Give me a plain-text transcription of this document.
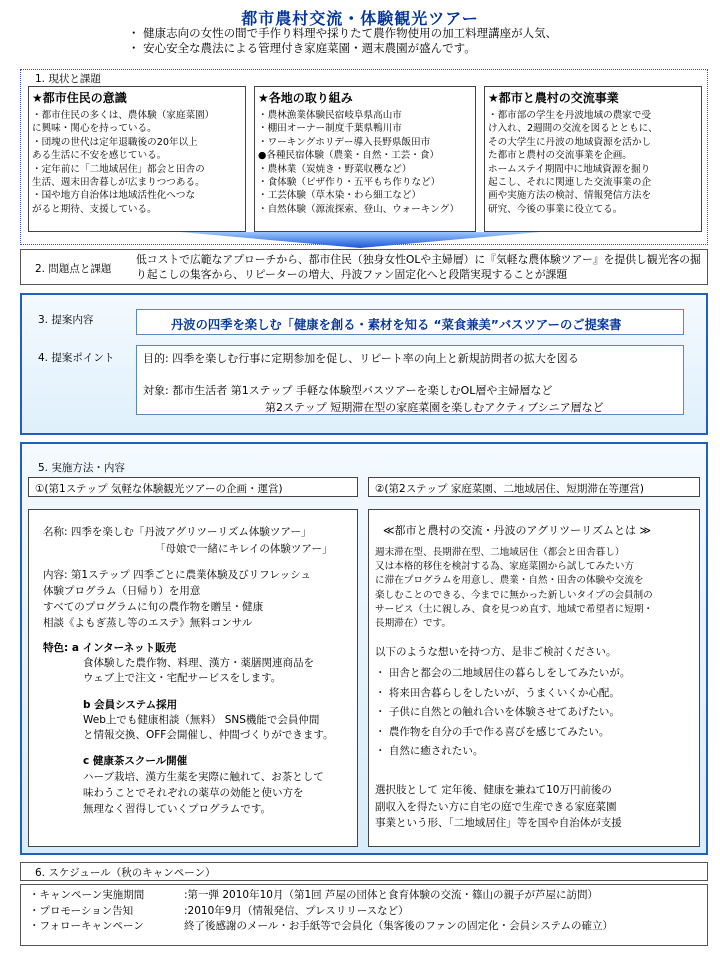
都市農村交流・体験観光ツアー
・ 健康志向の女性の間で手作り料理や採りたて農作物使用の加工料理講座が人気、
・ 安心安全な農法による管理付き家庭菜園・週末農園が盛んです。
1. 現状と課題
★都市住民の意識
・都市住民の多くは、農体験（家庭菜園）
に興味・関心を持っている。
・団塊の世代は定年退職後の20年以上
ある生活に不安を感じている。
・定年前に「二地域居住」都会と田舎の
生活、週末田舎暮しが広まりつつある。
・国や地方自治体は地域活性化へつな
がると期待、支援している。
★各地の取り組み
・農林漁業体験民宿岐阜県高山市
・棚田オーナー制度千葉県鴨川市
・ワーキングホリデー導入長野県飯田市
●各種民宿体験（農業・自然・工芸・食）
・農林業（炭焼き・野菜収穫など）
・食体験（ピザ作り・五平もち作りなど）
・工芸体験（草木染・わら細工など）
・自然体験（源流探索、登山、ウォーキング）
★都市と農村の交流事業
・都市部の学生を丹波地域の農家で受
け入れ、2週間の交流を図るとともに、
その大学生に丹波の地域資源を活かし
た都市と農村の交流事業を企画。
ホームステイ期間中に地域資源を掘り
起こし、それに関連した交流事業の企
画や実施方法の検討、情報発信方法を
研究、今後の事業に役立てる。
2. 問題点と課題
低コストで広範なアプローチから、都市住民（独身女性OLや主婦層）に『気軽な農体験ツアー』を提供し観光客の掘り起こしの集客から、リピーターの増大、丹波ファン固定化へと段階実現することが課題
3. 提案内容	丹波の四季を楽しむ「健康を創る・素材を知る “菜食兼美”バスツアーのご提案書
4. 提案ポイント	目的: 四季を楽しむ行事に定期参加を促し、リピート率の向上と新規訪問者の拡大を図る
対象: 都市生活者 第1ステップ 手軽な体験型バスツアーを楽しむOL層や主婦層など
第2ステップ 短期滞在型の家庭菜園を楽しむアクティブシニア層など
5. 実施方法・内容
①(第1ステップ 気軽な体験観光ツアーの企画・運営)	②(第2ステップ 家庭菜園、二地域居住、短期滞在等運営)
名称: 四季を楽しむ「丹波アグリツーリズム体験ツアー」
「母娘で一緒にキレイの体験ツアー」
内容: 第1ステップ 四季ごとに農業体験及びリフレッシュ
体験プログラム（日帰り）を用意
すべてのプログラムに旬の農作物を贈呈・健康
相談《よもぎ蒸し等のエステ》無料コンサル
特色: a インターネット販売
食体験した農作物、料理、漢方・薬膳関連商品を
ウェブ上で注文・宅配サービスをします。
b 会員システム採用
Web上でも健康相談（無料） SNS機能で会員仲間
と情報交換、OFF会開催し、仲間づくりができます。
c 健康茶スクール開催
ハーブ栽培、漢方生薬を実際に触れて、お茶として
味わうことでそれぞれの薬草の効能と使い方を
無理なく習得していくプログラムです。
≪都市と農村の交流・丹波のアグリツーリズムとは ≫
週末滞在型、長期滞在型、二地域居住（都会と田舎暮し）
又は本格的移住を検討する為、家庭菜園から試してみたい方
に滞在プログラムを用意し、農業・自然・田舎の体験や交流を
楽しむことのできる、今までに無かった新しいタイプの会員制の
サービス（土に親しみ、食を見つめ直す、地域で希望者に短期・
長期滞在）です。
以下のような想いを持つ方、是非ご検討ください。
・ 田舎と都会の二地域居住の暮らしをしてみたいが。
・ 将来田舎暮らしをしたいが、うまくいくか心配。
・ 子供に自然との触れ合いを体験させてあげたい。
・ 農作物を自分の手で作る喜びを感じてみたい。
・ 自然に癒されたい。
選択肢として 定年後、健康を兼ねて10万円前後の
副収入を得たい方に自宅の庭で生産できる家庭菜園
事業という形、「二地域居住」等を国や自治体が支援
6. スケジュール（秋のキャンペーン）
・キャンペーン実施期間	:第一弾 2010年10月（第1回 芦屋の団体と食育体験の交流・篠山の親子が芦屋に訪問）
・プロモーション告知	:2010年9月（情報発信、プレスリリースなど）
・フォローキャンペーン	終了後感謝のメール・お手紙等で会員化（集客後のファンの固定化・会員システムの確立）
